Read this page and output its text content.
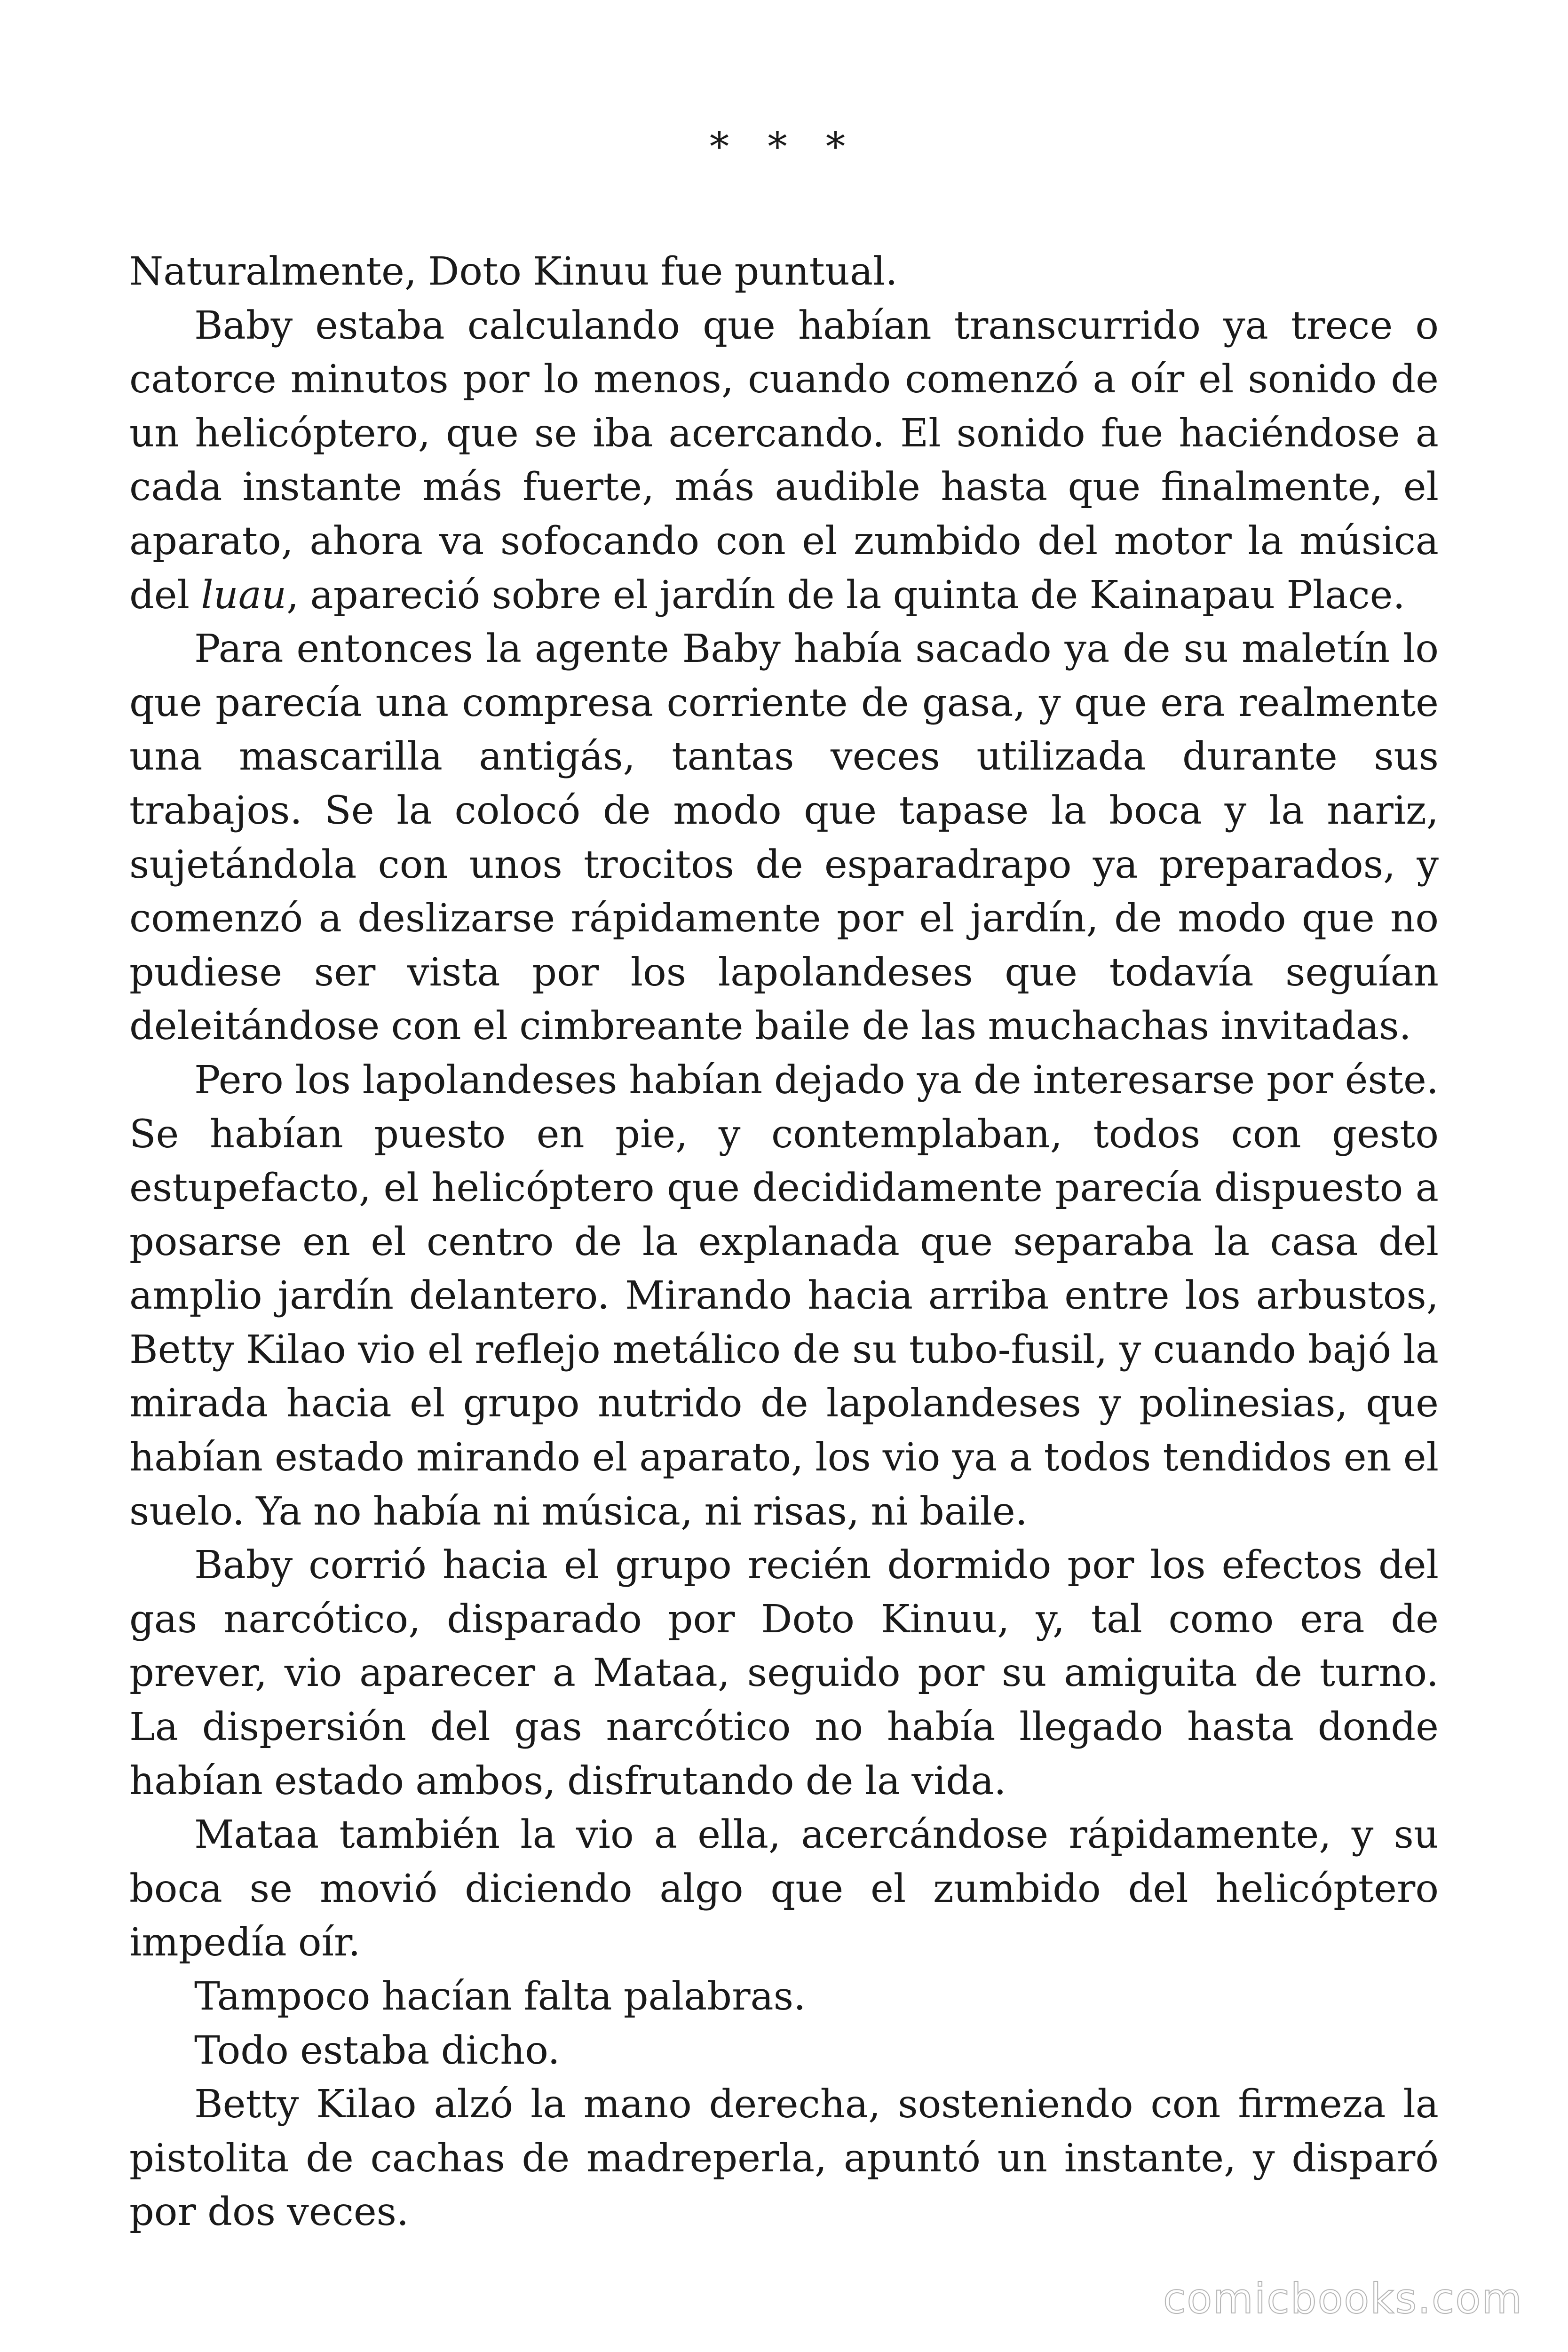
* * *

Naturalmente, Doto Kinuu fue puntual.

Baby estaba calculando que habían transcurrido ya trece o catorce minutos por lo menos, cuando comenzó a oír el sonido de un helicóptero, que se iba acercando. El sonido fue haciéndose a cada instante más fuerte, más audible hasta que finalmente, el aparato, ahora va sofocando con el zumbido del motor la música del luau, apareció sobre el jardín de la quinta de Kainapau Place.

Para entonces la agente Baby había sacado ya de su maletín lo que parecía una compresa corriente de gasa, y que era realmente una mascarilla antigás, tantas veces utilizada durante sus trabajos. Se la colocó de modo que tapase la boca y la nariz, sujetándola con unos trocitos de esparadrapo ya preparados, y comenzó a deslizarse rápidamente por el jardín, de modo que no pudiese ser vista por los lapolandeses que todavía seguían deleitándose con el cimbreante baile de las muchachas invitadas.

Pero los lapolandeses habían dejado ya de interesarse por éste. Se habían puesto en pie, y contemplaban, todos con gesto estupefacto, el helicóptero que decididamente parecía dispuesto a posarse en el centro de la explanada que separaba la casa del amplio jardín delantero. Mirando hacia arriba entre los arbustos, Betty Kilao vio el reflejo metálico de su tubo-fusil, y cuando bajó la mirada hacia el grupo nutrido de lapolandeses y polinesias, que habían estado mirando el aparato, los vio ya a todos tendidos en el suelo. Ya no había ni música, ni risas, ni baile.

Baby corrió hacia el grupo recién dormido por los efectos del gas narcótico, disparado por Doto Kinuu, y, tal como era de prever, vio aparecer a Mataa, seguido por su amiguita de turno. La dispersión del gas narcótico no había llegado hasta donde habían estado ambos, disfrutando de la vida.

Mataa también la vio a ella, acercándose rápidamente, y su boca se movió diciendo algo que el zumbido del helicóptero impedía oír.

Tampoco hacían falta palabras.

Todo estaba dicho.

Betty Kilao alzó la mano derecha, sosteniendo con firmeza la pistolita de cachas de madreperla, apuntó un instante, y disparó por dos veces.

comicbooks.com
